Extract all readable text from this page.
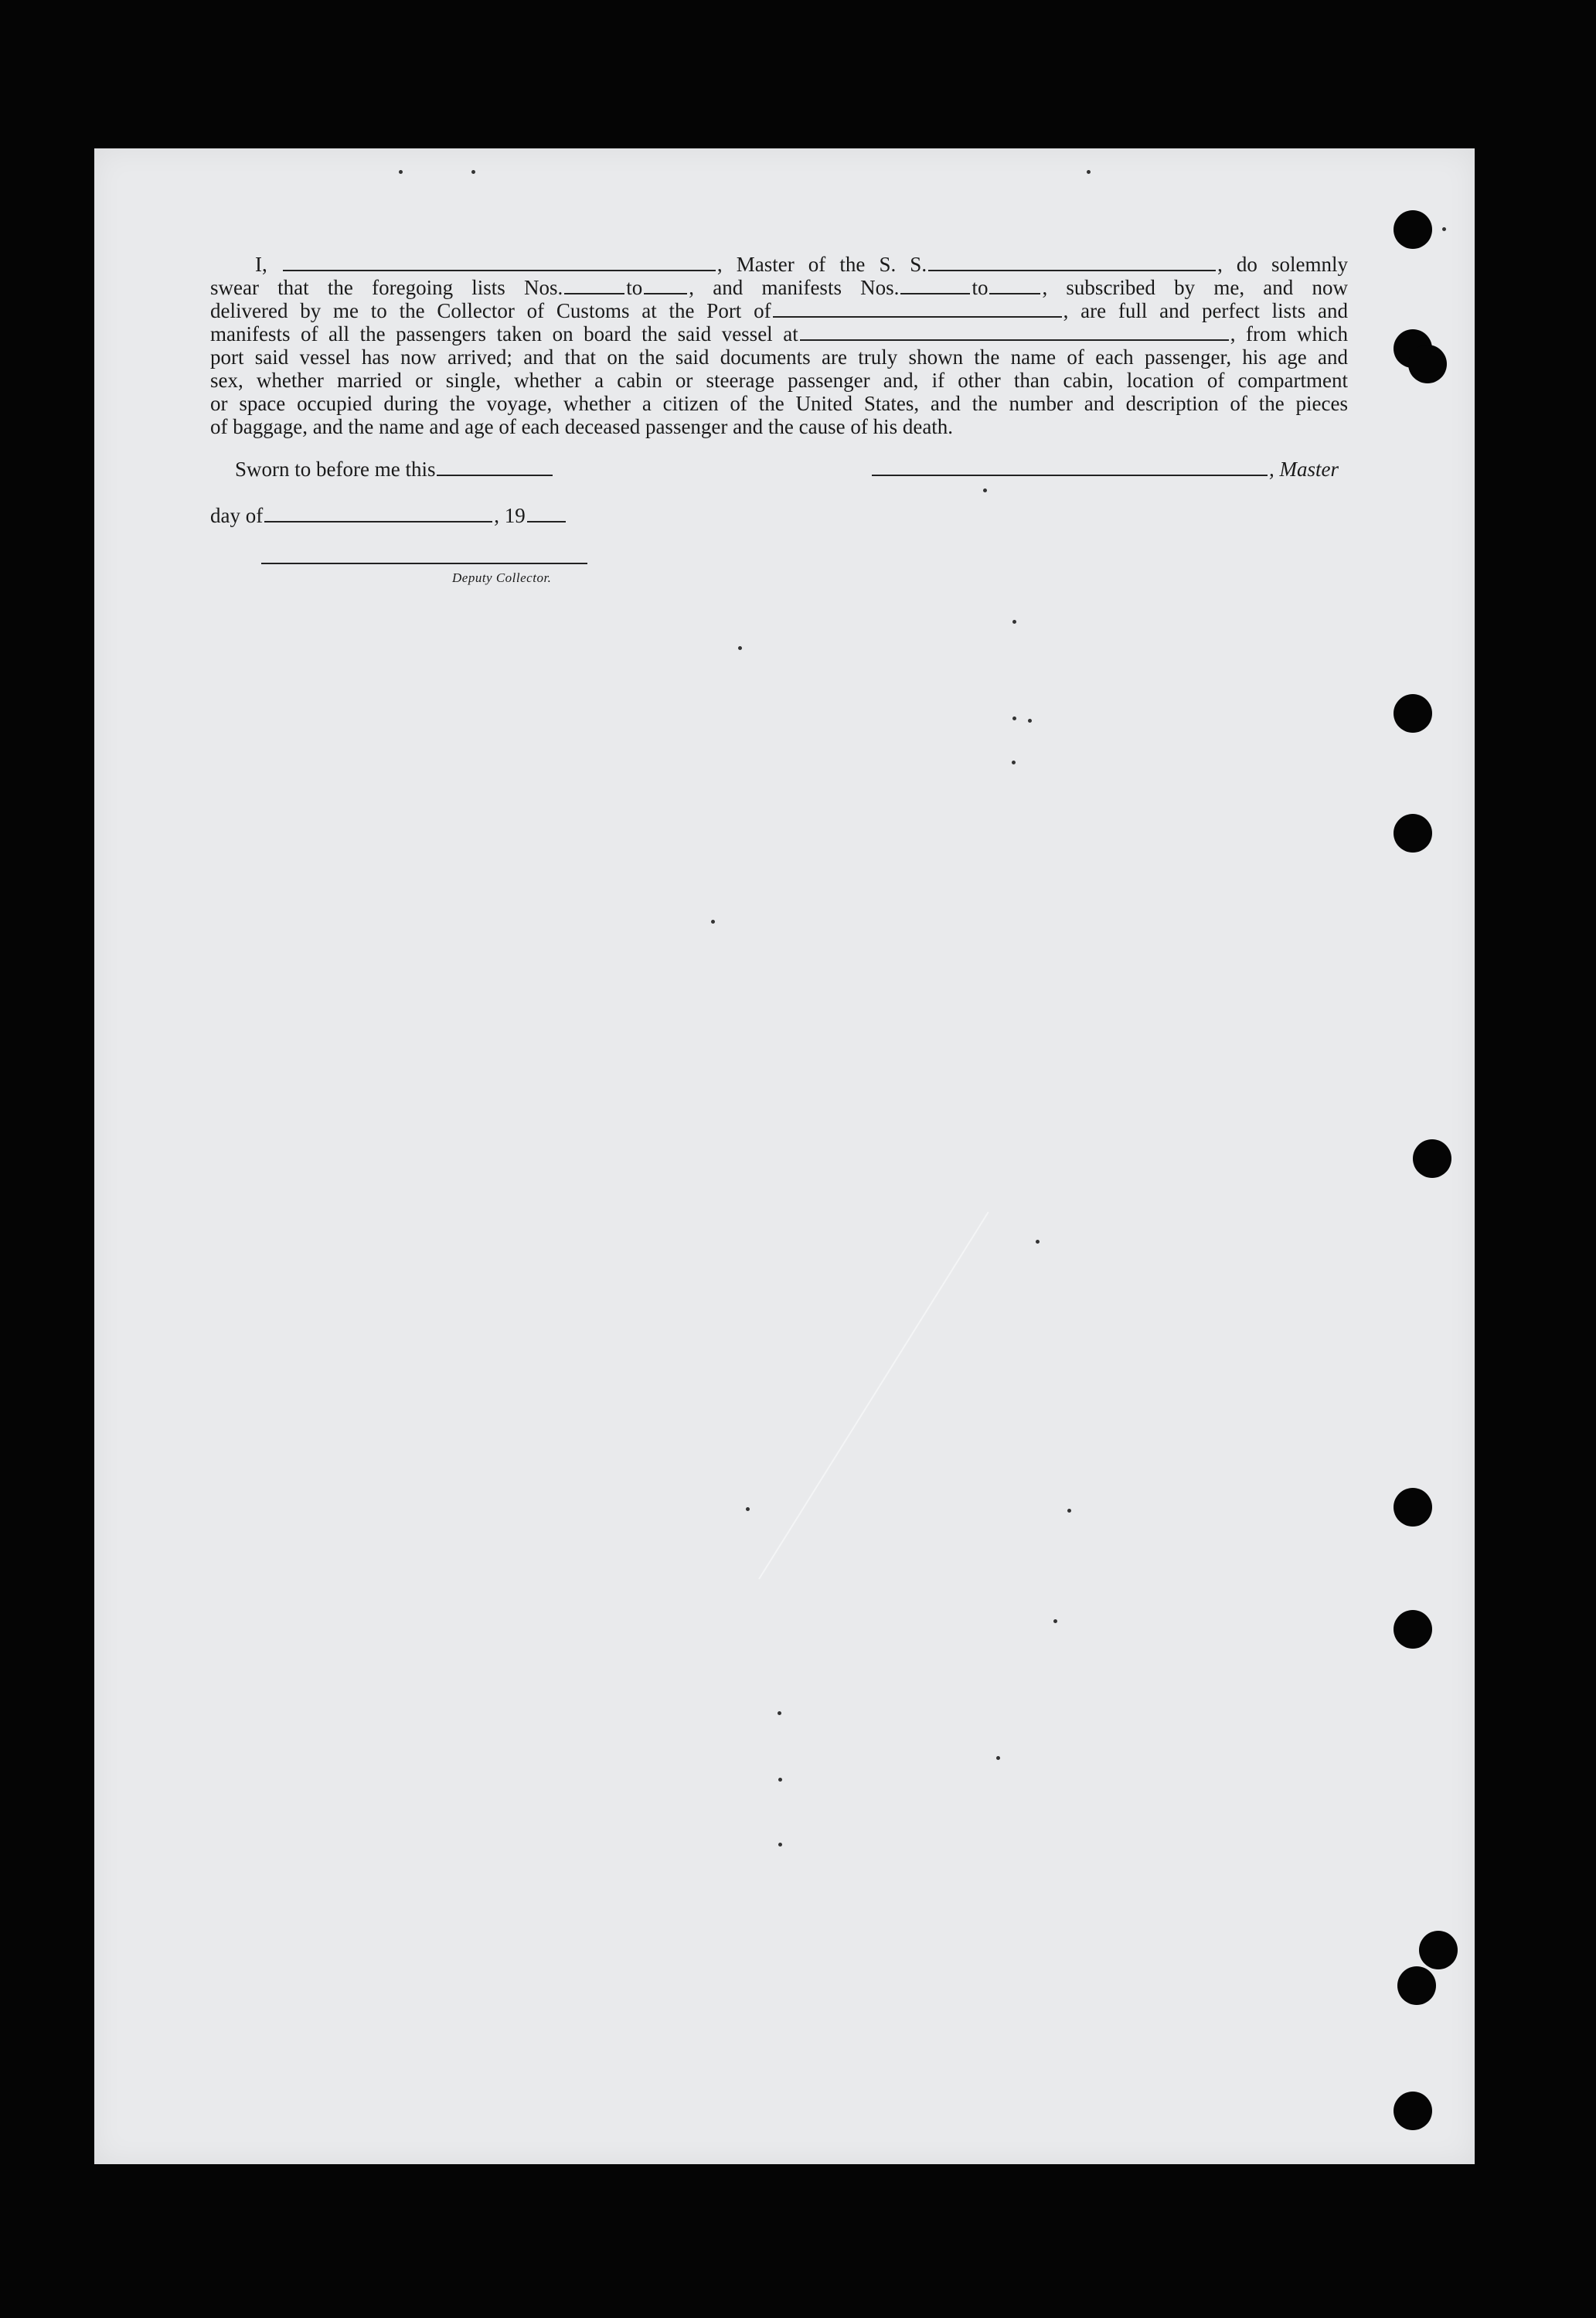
I,	, Master of the S. S.	, do solemnly

swear that the foregoing lists Nos.	to , and manifests Nos.	to	, subscribed by me, and now

delivered by me to the Collector of Customs at the Port of	, are full and perfect lists and

manifests of all the passengers taken on board the said vessel at	, from which

port said vessel has now arrived; and that on the said documents are truly shown the name of each passenger, his age and

sex, whether married or single, whether a cabin or steerage passenger and, if other than cabin, location of compartment

or space occupied during the voyage, whether a citizen of the United States, and the number and description of the pieces

of baggage, and the name and age of each deceased passenger and the cause of his death.

Sworn to before me this	, Master
day of	, 19
Deputy Collector.
